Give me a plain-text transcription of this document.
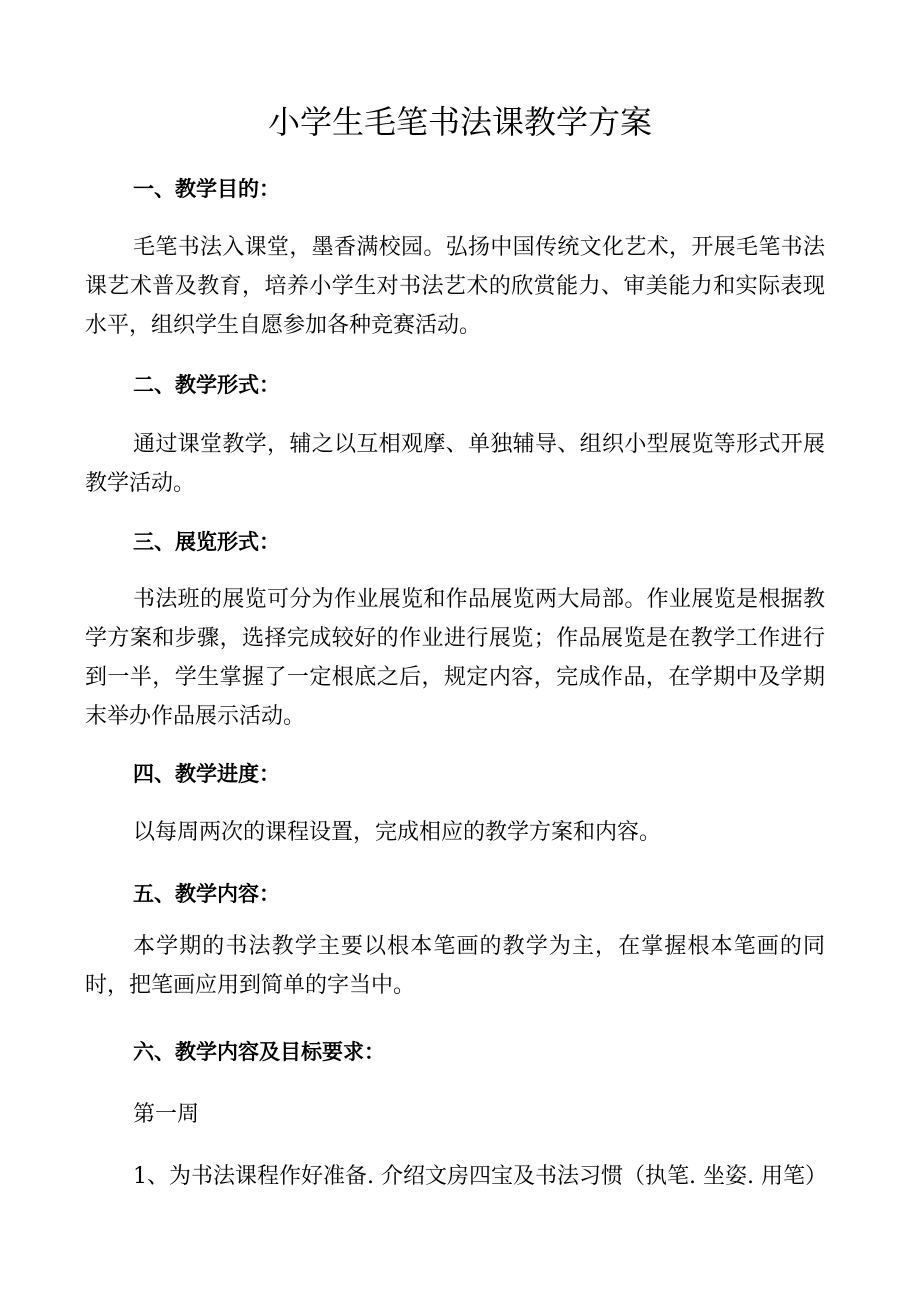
小学生毛笔书法课教学方案
一、教学目的：

毛笔书法入课堂，墨香满校园。弘扬中国传统文化艺术，开展毛笔书法课艺术普及教育，培养小学生对书法艺术的欣赏能力、审美能力和实际表现水平，组织学生自愿参加各种竞赛活动。

二、教学形式：

通过课堂教学，辅之以互相观摩、单独辅导、组织小型展览等形式开展教学活动。

三、展览形式：

书法班的展览可分为作业展览和作品展览两大局部。作业展览是根据教学方案和步骤，选择完成较好的作业进行展览；作品展览是在教学工作进行到一半，学生掌握了一定根底之后，规定内容，完成作品，在学期中及学期末举办作品展示活动。

四、教学进度：

以每周两次的课程设置，完成相应的教学方案和内容。

五、教学内容：

本学期的书法教学主要以根本笔画的教学为主，在掌握根本笔画的同时，把笔画应用到简单的字当中。

六、教学内容及目标要求：

第一周

1、为书法课程作好准备. 介绍文房四宝及书法习惯（执笔. 坐姿. 用笔）
